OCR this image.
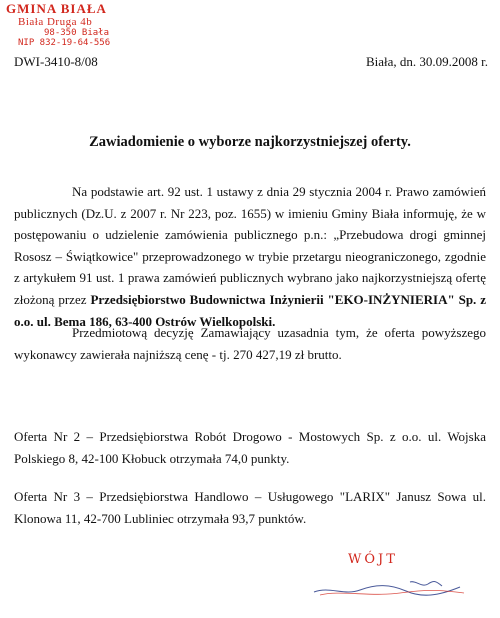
GMINA BIAŁA
Biała Druga 4b
98-350 Biała
NIP 832-19-64-556
DWI-3410-8/08	Biała, dn. 30.09.2008 r.
Zawiadomienie o wyborze najkorzystniejszej oferty.
Na podstawie art. 92 ust. 1 ustawy z dnia 29 stycznia 2004 r. Prawo zamówień publicznych (Dz.U. z 2007 r. Nr 223, poz. 1655) w imieniu Gminy Biała informuję, że w postępowaniu o udzielenie zamówienia publicznego p.n.: „Przebudowa drogi gminnej Rososz – Świątkowice" przeprowadzonego w trybie przetargu nieograniczonego, zgodnie z artykułem 91 ust. 1 prawa zamówień publicznych wybrano jako najkorzystniejszą ofertę złożoną przez Przedsiębiorstwo Budownictwa Inżynierii "EKO-INŻYNIERIA" Sp. z o.o. ul. Bema 186, 63-400 Ostrów Wielkopolski.
Przedmiotową decyzję Zamawiający uzasadnia tym, że oferta powyższego wykonawcy zawierała najniższą cenę - tj. 270 427,19 zł brutto.
Oferta Nr 2 – Przedsiębiorstwa Robót Drogowo - Mostowych Sp. z o.o. ul. Wojska Polskiego 8, 42-100 Kłobuck otrzymała 74,0 punkty.
Oferta Nr 3 – Przedsiębiorstwa Handlowo – Usługowego "LARIX" Janusz Sowa ul. Klonowa 11, 42-700 Lubliniec otrzymała 93,7 punktów.
WÓJT
